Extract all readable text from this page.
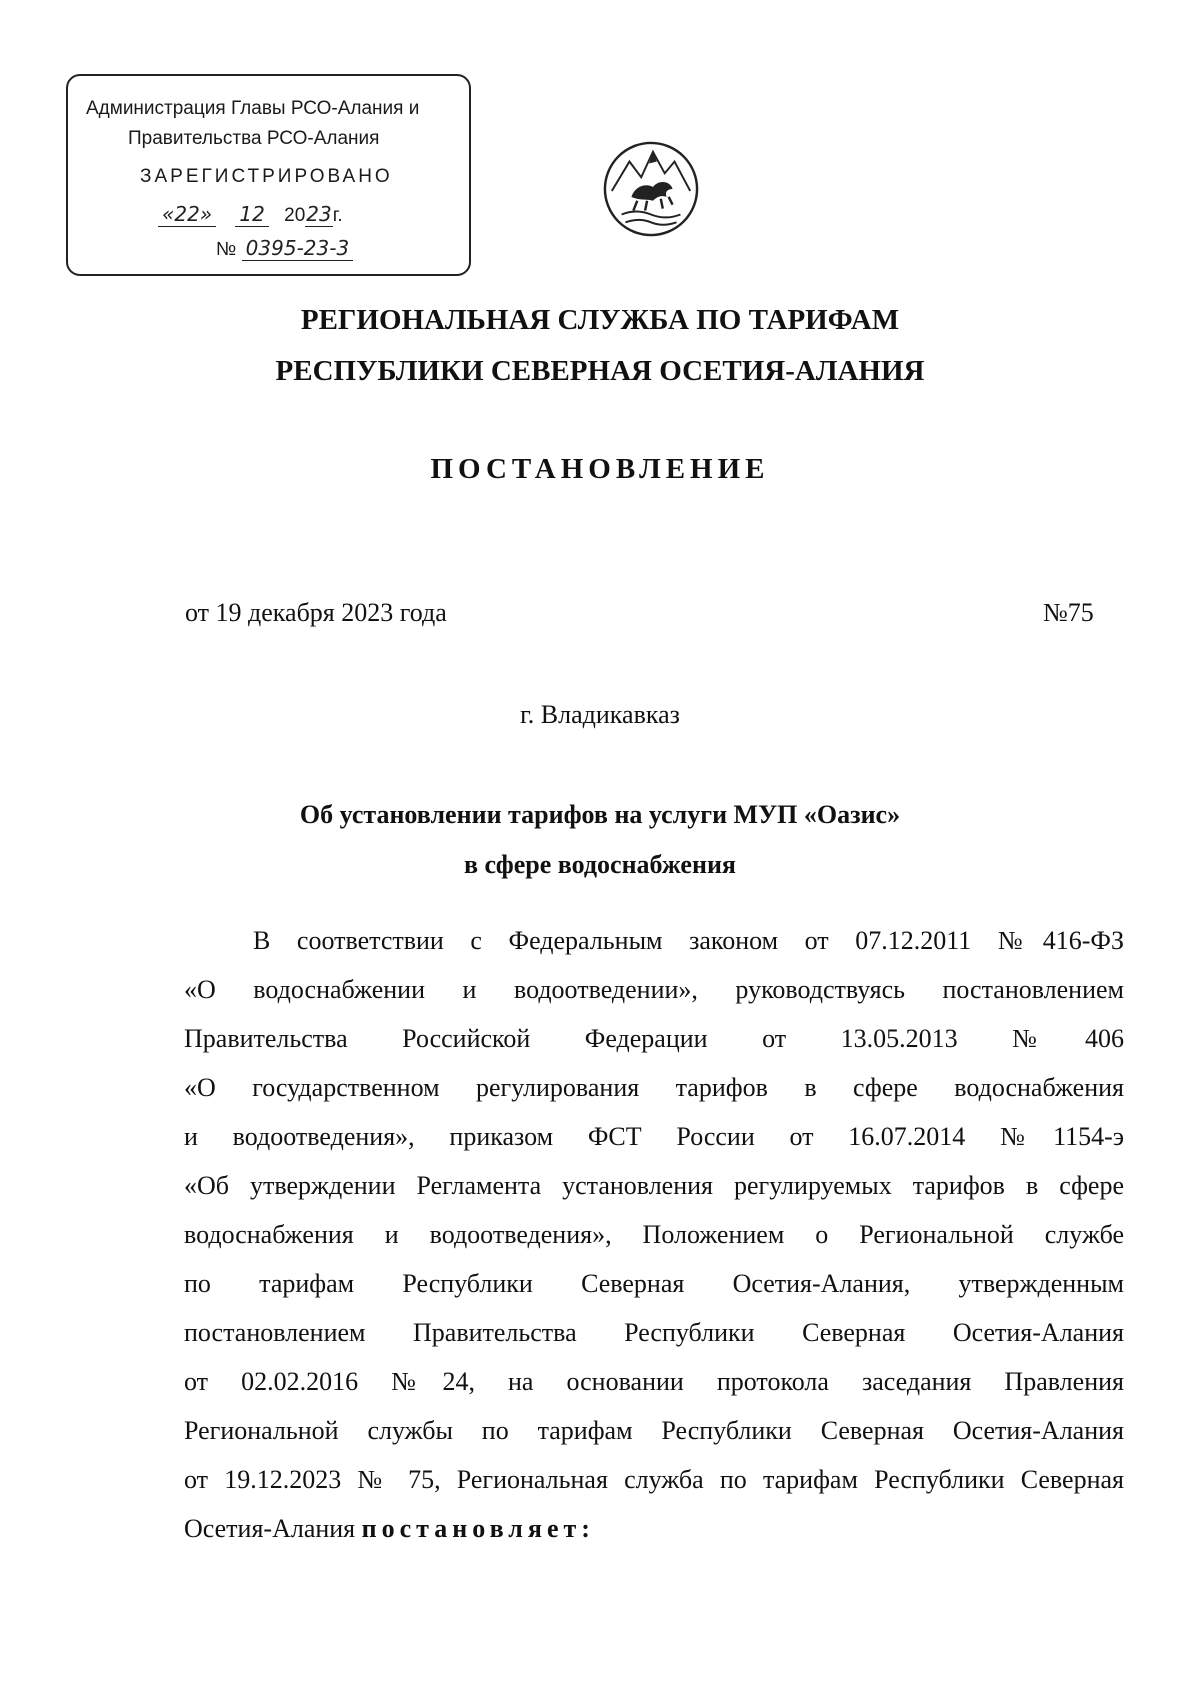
Администрация Главы РСО-Алания и
Правительства РСО-Алания
ЗАРЕГИСТРИРОВАНО
«22» 12 2023г.
№ 0395-23-3
РЕГИОНАЛЬНАЯ СЛУЖБА ПО ТАРИФАМ
РЕСПУБЛИКИ СЕВЕРНАЯ ОСЕТИЯ-АЛАНИЯ
ПОСТАНОВЛЕНИЕ
от 19 декабря 2023 года	№75
г. Владикавказ
Об установлении тарифов на услуги МУП «Оазис»
в сфере водоснабжения
В соответствии с Федеральным законом от 07.12.2011 №416-ФЗ
«О водоснабжении и водоотведении», руководствуясь постановлением
Правительства Российской Федерации от 13.05.2013 №406
«О государственном регулирования тарифов в сфере водоснабжения
и водоотведения», приказом ФСТ России от 16.07.2014 №1154-э
«Об утверждении Регламента установления регулируемых тарифов в сфере
водоснабжения и водоотведения», Положением о Региональной службе
по тарифам Республики Северная Осетия-Алания, утвержденным
постановлением Правительства Республики Северная Осетия-Алания
от 02.02.2016 №24, на основании протокола заседания Правления
Региональной службы по тарифам Республики Северная Осетия-Алания
от 19.12.2023 № 75, Региональная служба по тарифам Республики Северная
Осетия-Алания постановляет:
